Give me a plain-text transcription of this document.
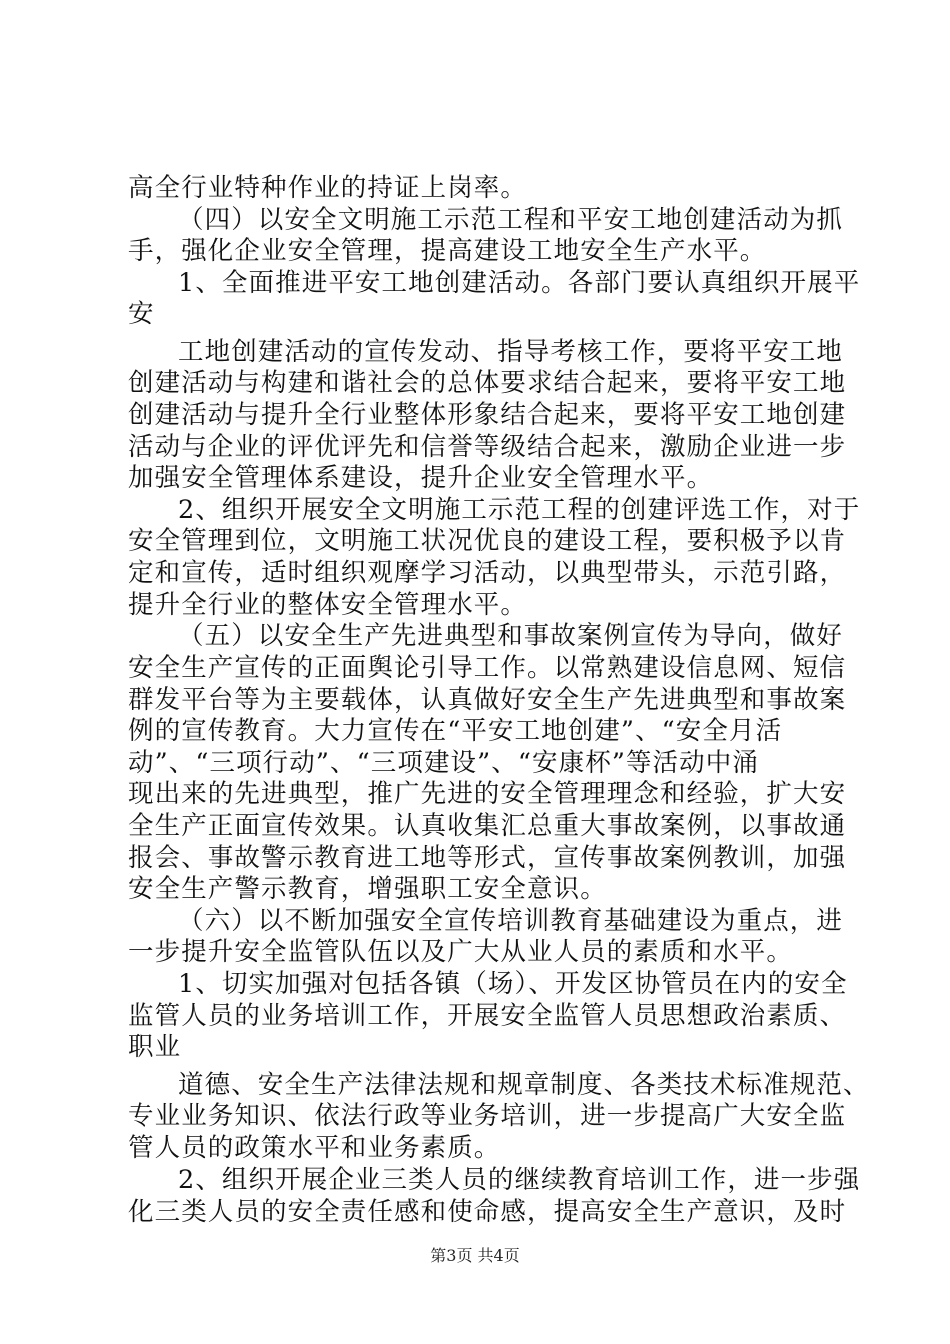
高全行业特种作业的持证上岗率。
（四）以安全文明施工示范工程和平安工地创建活动为抓
手，强化企业安全管理，提高建设工地安全生产水平。
1、全面推进平安工地创建活动。各部门要认真组织开展平
安
工地创建活动的宣传发动、指导考核工作，要将平安工地
创建活动与构建和谐社会的总体要求结合起来，要将平安工地
创建活动与提升全行业整体形象结合起来，要将平安工地创建
活动与企业的评优评先和信誉等级结合起来，激励企业进一步
加强安全管理体系建设，提升企业安全管理水平。
2、组织开展安全文明施工示范工程的创建评选工作，对于
安全管理到位，文明施工状况优良的建设工程，要积极予以肯
定和宣传，适时组织观摩学习活动，以典型带头，示范引路，
提升全行业的整体安全管理水平。
（五）以安全生产先进典型和事故案例宣传为导向，做好
安全生产宣传的正面舆论引导工作。以常熟建设信息网、短信
群发平台等为主要载体，认真做好安全生产先进典型和事故案
例的宣传教育。大力宣传在“平安工地创建”、“安全月活
动”、“三项行动”、“三项建设”、“安康杯”等活动中涌
现出来的先进典型，推广先进的安全管理理念和经验，扩大安
全生产正面宣传效果。认真收集汇总重大事故案例，以事故通
报会、事故警示教育进工地等形式，宣传事故案例教训，加强
安全生产警示教育，增强职工安全意识。
（六）以不断加强安全宣传培训教育基础建设为重点，进
一步提升安全监管队伍以及广大从业人员的素质和水平。
1、切实加强对包括各镇（场）、开发区协管员在内的安全
监管人员的业务培训工作，开展安全监管人员思想政治素质、
职业
道德、安全生产法律法规和规章制度、各类技术标准规范、
专业业务知识、依法行政等业务培训，进一步提高广大安全监
管人员的政策水平和业务素质。
第3页 共4页
2、组织开展企业三类人员的继续教育培训工作，进一步强
化三类人员的安全责任感和使命感，提高安全生产意识，及时
